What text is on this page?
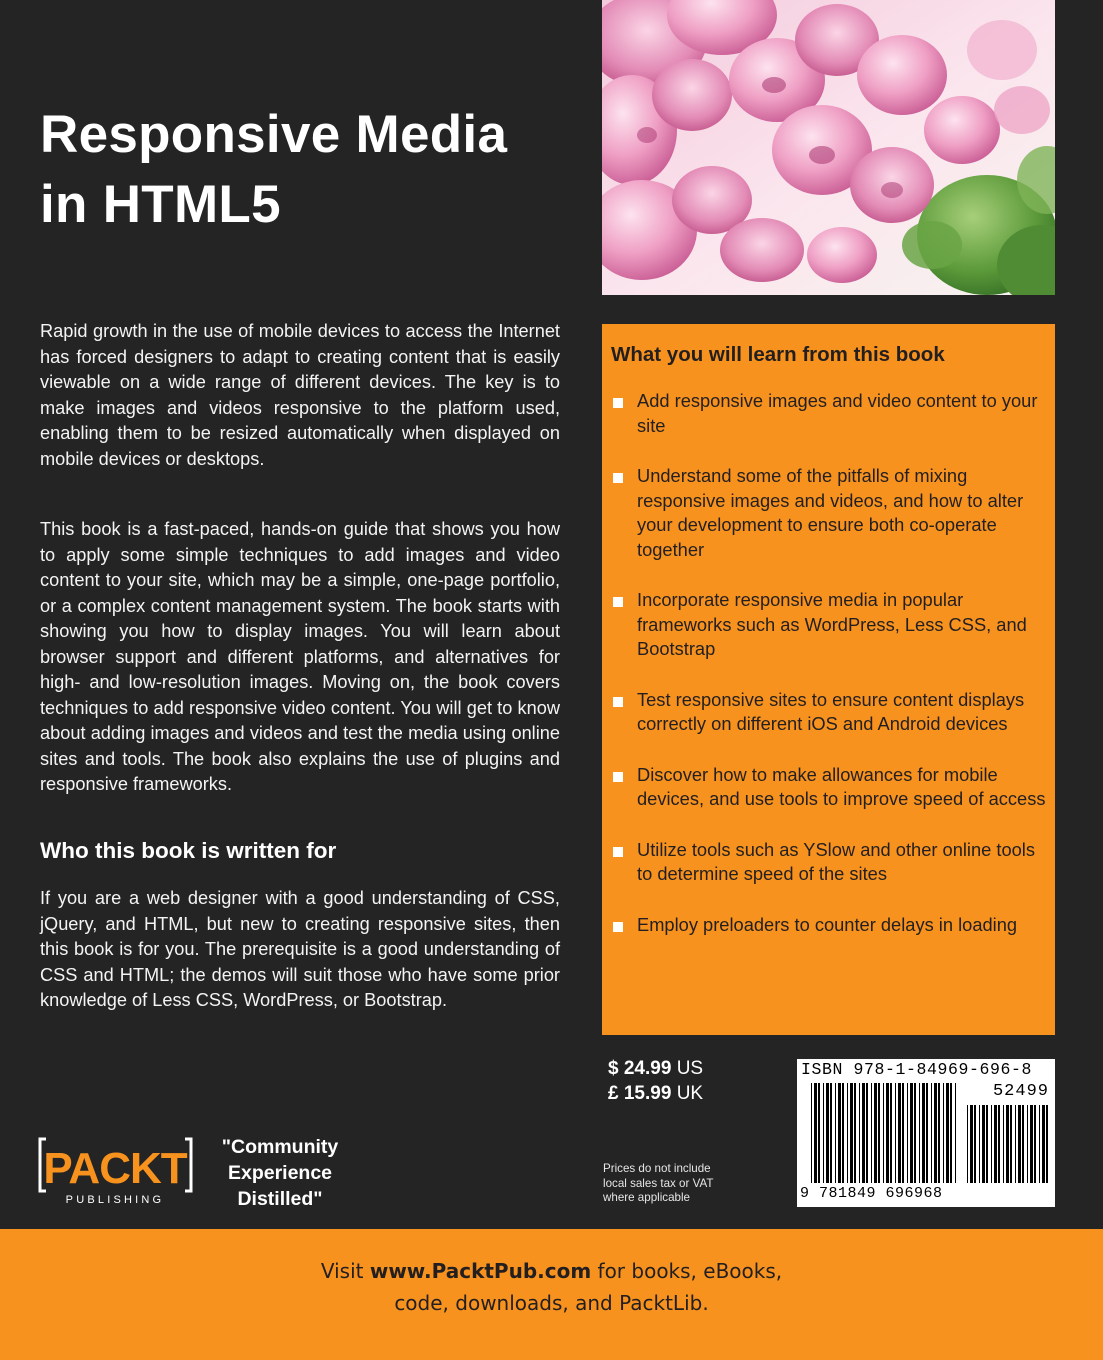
Responsive Media
in HTML5

Rapid growth in the use of mobile devices to access the Internet has forced designers to adapt to creating content that is easily viewable on a wide range of different devices. The key is to make images and videos responsive to the platform used, enabling them to be resized automatically when displayed on mobile devices or desktops.

This book is a fast-paced, hands-on guide that shows you how to apply some simple techniques to add images and video content to your site, which may be a simple, one-page portfolio, or a complex content management system. The book starts with showing you how to display images. You will learn about browser support and different platforms, and alternatives for high- and low-resolution images. Moving on, the book covers techniques to add responsive video content. You will get to know about adding images and videos and test the media using online sites and tools. The book also explains the use of plugins and responsive frameworks.

Who this book is written for

If you are a web designer with a good understanding of CSS, jQuery, and HTML, but new to creating responsive sites, then this book is for you. The prerequisite is a good understanding of CSS and HTML; the demos will suit those who have some prior knowledge of Less CSS, WordPress, or Bootstrap.

What you will learn from this book
Add responsive images and video content to your site
Understand some of the pitfalls of mixing responsive images and videos, and how to alter your development to ensure both co-operate together
Incorporate responsive media in popular frameworks such as WordPress, Less CSS, and Bootstrap
Test responsive sites to ensure content displays correctly on different iOS and Android devices
Discover how to make allowances for mobile devices, and use tools to improve speed of access
Utilize tools such as YSlow and other online tools to determine speed of the sites
Employ preloaders to counter delays in loading
$ 24.99 US
£ 15.99 UK
Prices do not include
local sales tax or VAT
where applicable
ISBN 978-1-84969-696-8
52499
9 781849 696968
PACKT
PUBLISHING
"Community
Experience
Distilled"
Visit www.PacktPub.com for books, eBooks,
code, downloads, and PacktLib.
